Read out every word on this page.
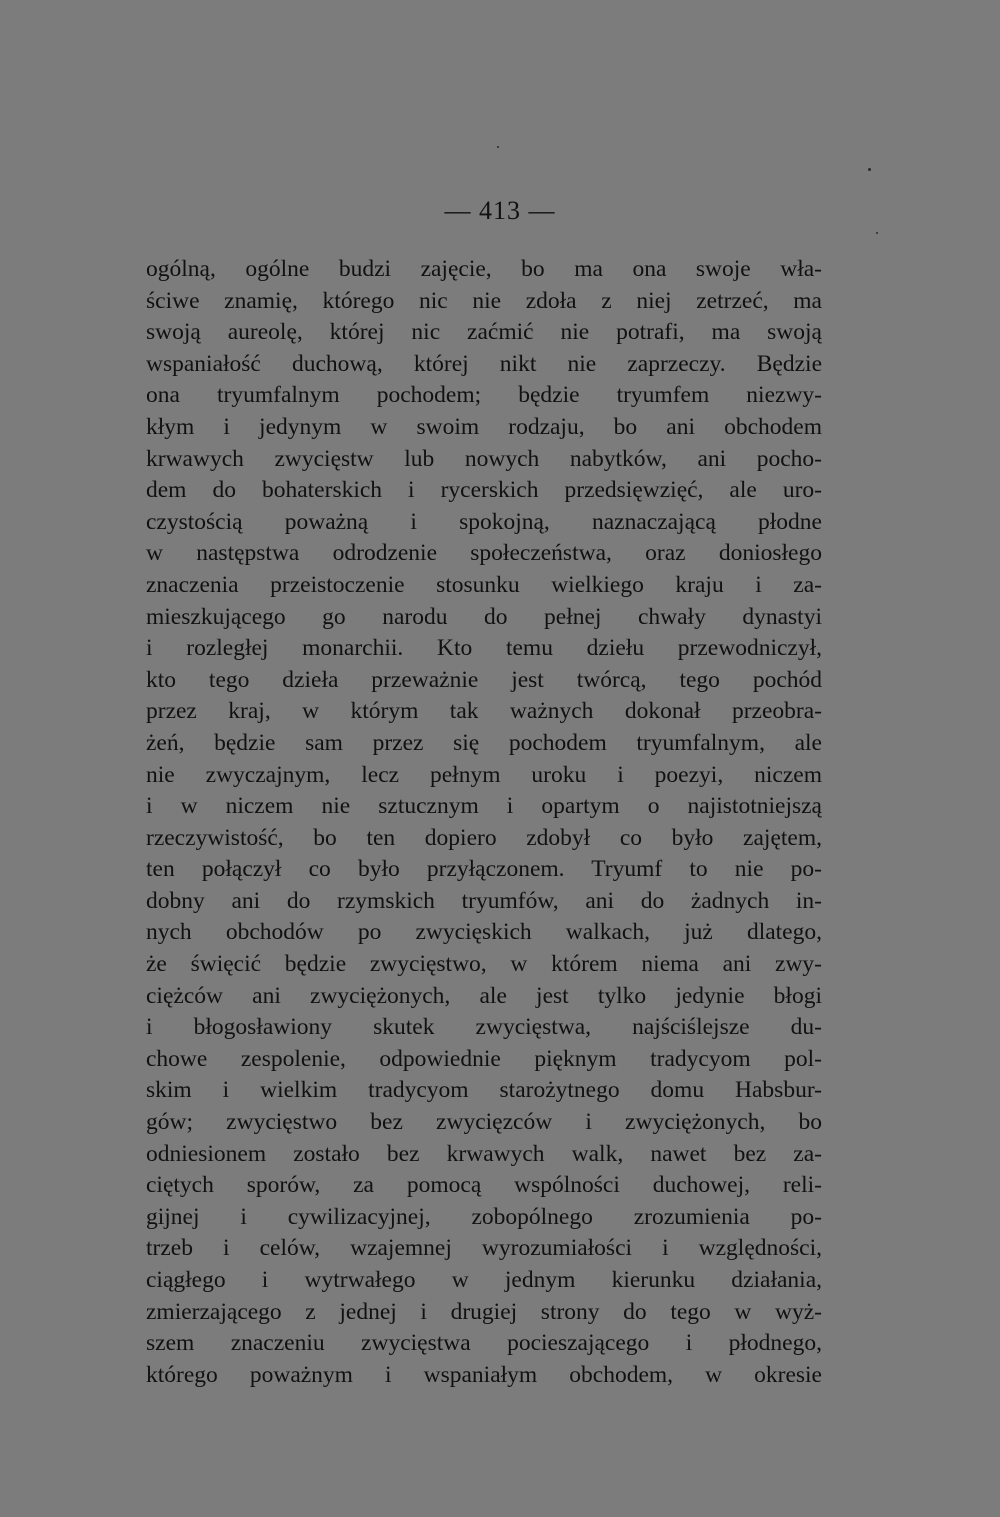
— 413 —
ogólną, ogólne budzi zajęcie, bo ma ona swoje wła-
ściwe znamię, którego nic nie zdoła z niej zetrzeć, ma
swoją aureolę, której nic zaćmić nie potrafi, ma swoją
wspaniałość duchową, której nikt nie zaprzeczy. Będzie
ona tryumfalnym pochodem; będzie tryumfem niezwy-
kłym i jedynym w swoim rodzaju, bo ani obchodem
krwawych zwycięstw lub nowych nabytków, ani pocho-
dem do bohaterskich i rycerskich przedsięwzięć, ale uro-
czystością poważną i spokojną, naznaczającą płodne
w następstwa odrodzenie społeczeństwa, oraz doniosłego
znaczenia przeistoczenie stosunku wielkiego kraju i za-
mieszkującego go narodu do pełnej chwały dynastyi
i rozległej monarchii. Kto temu dziełu przewodniczył,
kto tego dzieła przeważnie jest twórcą, tego pochód
przez kraj, w którym tak ważnych dokonał przeobra-
żeń, będzie sam przez się pochodem tryumfalnym, ale
nie zwyczajnym, lecz pełnym uroku i poezyi, niczem
i w niczem nie sztucznym i opartym o najistotniejszą
rzeczywistość, bo ten dopiero zdobył co było zajętem,
ten połączył co było przyłączonem. Tryumf to nie po-
dobny ani do rzymskich tryumfów, ani do żadnych in-
nych obchodów po zwycięskich walkach, już dlatego,
że święcić będzie zwycięstwo, w którem niema ani zwy-
ciężców ani zwyciężonych, ale jest tylko jedynie błogi
i błogosławiony skutek zwycięstwa, najściślejsze du-
chowe zespolenie, odpowiednie pięknym tradycyom pol-
skim i wielkim tradycyom starożytnego domu Habsbur-
gów; zwycięstwo bez zwycięzców i zwyciężonych, bo
odniesionem zostało bez krwawych walk, nawet bez za-
ciętych sporów, za pomocą wspólności duchowej, reli-
gijnej i cywilizacyjnej, zobopólnego zrozumienia po-
trzeb i celów, wzajemnej wyrozumiałości i względności,
ciągłego i wytrwałego w jednym kierunku działania,
zmierzającego z jednej i drugiej strony do tego w wyż-
szem znaczeniu zwycięstwa pocieszającego i płodnego,
którego poważnym i wspaniałym obchodem, w okresie
